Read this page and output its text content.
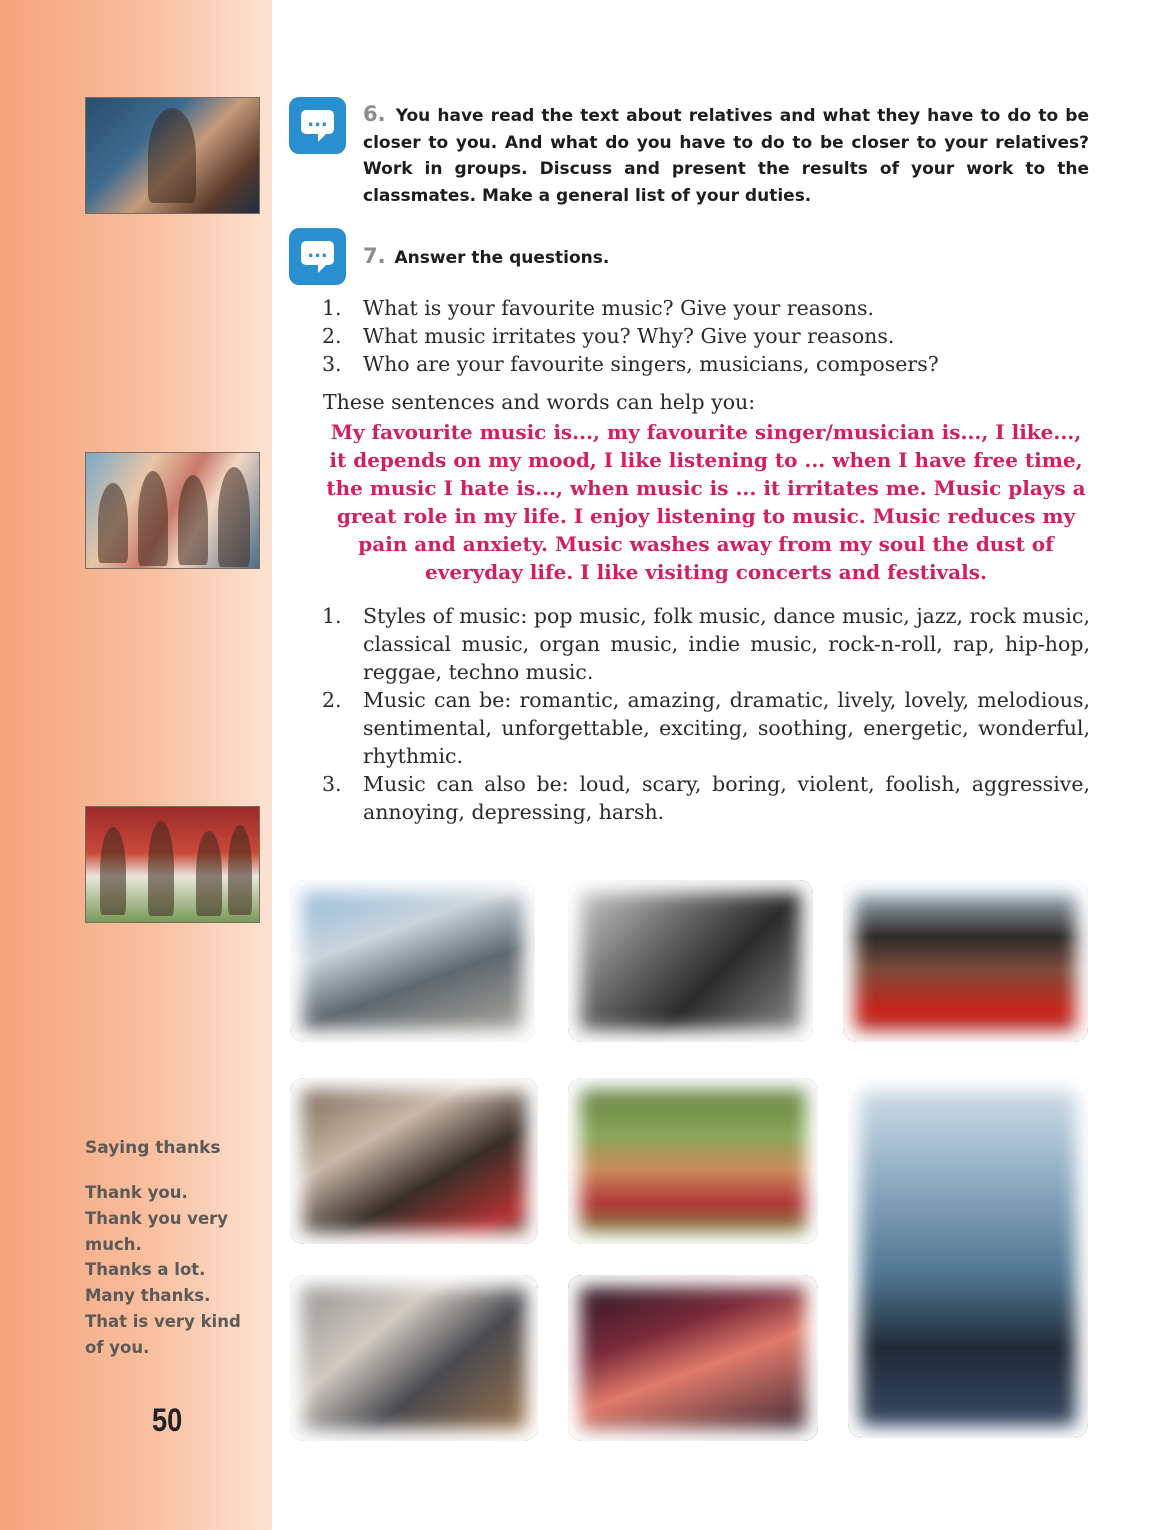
Saying thanks

Thank you.
Thank you very much.
Thanks a lot.
Many thanks.
That is very kind of you.

50

... 6. You have read the text about relatives and what they have to do to be closer to you. And what do you have to do to be closer to your relatives? Work in groups. Discuss and present the results of your work to the classmates. Make a general list of your duties.

... 7. Answer the questions.

1. What is your favourite music? Give your reasons.
2. What music irritates you? Why? Give your reasons.
3. Who are your favourite singers, musicians, composers?

These sentences and words can help you:

My favourite music is..., my favourite singer/musician is..., I like..., it depends on my mood, I like listening to ... when I have free time, the music I hate is..., when music is ... it irritates me. Music plays a great role in my life. I enjoy listening to music. Music reduces my pain and anxiety. Music washes away from my soul the dust of everyday life. I like visiting concerts and festivals.

1. Styles of music: pop music, folk music, dance music, jazz, rock music, classical music, organ music, indie music, rock-n-roll, rap, hip-hop, reggae, techno music.
2. Music can be: romantic, amazing, dramatic, lively, lovely, melodious, sentimental, unforgettable, exciting, soothing, energetic, wonderful, rhythmic.
3. Music can also be: loud, scary, boring, violent, foolish, aggressive, annoying, depressing, harsh.
